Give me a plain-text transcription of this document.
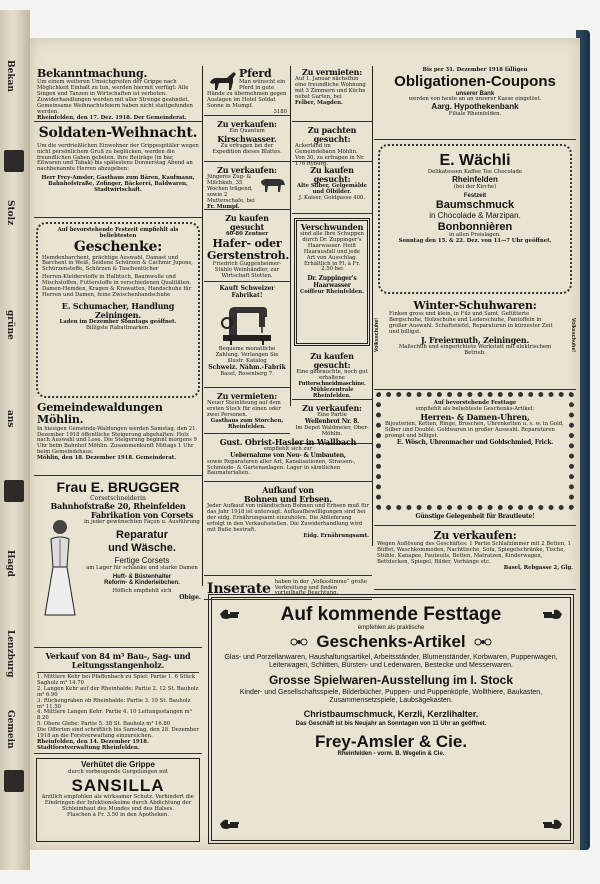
Bekan
Stolz
grüne
ans
Hagd
Lenzburg
Gemein
Bekanntmachung.
Um einem weiteren Umsichgreifen der Grippe nach Möglichkeit Einhalt zu tun, werden hiermit verfügt: Alle Singen und Tanzen in Wirtschaften ist verboten. Zuwiderhandlungen werden mit aller Strenge geahndet. Gemeinsame Weihnachtsfeiern haben nicht stattgefunden werden.
Rheinfelden, den 17. Dez. 1918. Der Gemeinderat.
Soldaten-Weihnacht.
Um die verdrießlichen Einwohner der Grippespitäler wegen nicht persönlichem Gruß zu beglücken, werden die freundlichen Gaben gebeten. Ihre Beiträge (in bar, Eßwaren und Tabak) bis spätestens Donnerstag Abend an nachbenannte Herren abzugeben:
Herr Frey-Amsler, Gasthaus zum Bären, Kaufmann, Bahnhofstraße, Zofinger, Bäckerei, Baldwaren, Stadtwirtschaft.
Auf bevorstehende Festzeit empfiehlt als beliebtesten
Geschenke:
Hemdenbarchent, prächtige Auswahl, Damast und Barchent in Weiß, Seidene Schürzen & Cachmir Jupons, Schürzenstoffe, Schürzen & Taschentücher
Herren-Kleiderstoffe in Halbtuch, Baumwolle und Mischstoffen, Futterstoffe in verschiedenen Qualitäten, Damen-Hemden, Kragen & Krawatten, Handschuhe für Herren und Damen, feine Zwischenhandschuhe
E. Schumacher, Handlung Zeiningen.
Laden im Dezember Sonntags geöffnet.
Billigste Rabattmarken.
Gemeindewaldungen Möhlin.
In hiesigen Gemeinde-Waldungen werden Samstag, den 21. Dezember 1918 öffentliche Steigerung abgehalten: Holz nach Auswahl und Lose. Die Steigerung beginnt morgens 9 Uhr beim Bahnhof Möhlin. Zusammenkunft Mittags 1 Uhr beim Gemeindehaus.
Möhlin, den 18. Dezember 1918. Gemeinderat.
Frau E. BRUGGER
Corsetschneiderin
Bahnhofstraße 20, Rheinfelden
Fabrikation von Corsets
in jeder gewünschten Façon u. Ausführung
Reparatur
und Wäsche.
Fertige Corsets
am Lager für schlanke und starke Damen
Huft- & Büstenhalter
Reform- & Kinderleibchen.
Höflich empfiehlt sich
Obige.
Verkauf von 84 m³ Bau-, Sag- und Leitungsstangenholz.
1. Mittlere Kehr bei Pfaffenbach zu Spiel: Partie 1. 6 Stück Sagholz m³ 14.70
2. Langen Kehr auf der Rheinhalde: Partie 2. 12 St. Bauholz m³ 6.90
3. Rüchengraben ob Rheinhalde: Partie 3. 19 St. Bauholz m³ 11.50
4. Mittlere Langen Kehr: Partie 4. 10 Leitungsstangen m³ 8.20
5. Obere Glebe: Partie 5. 38 St. Bauholz m³ 16.80
Die Offerten sind schriftlich bis Samstag, den 28. Dezember 1918 an die Forstverwaltung einzureichen.
Rheinfelden, den 14. Dezember 1918. Stadtforstverwaltung Rheinfelden.
Verhütet die Grippe
durch vorbeugende Gurgelungen mit
SANSILLA
ärztlich empfohlen als wirksamer Schutz. Verhindert die Eindringen der Infektionskeime durch Abdichtung der Schleimhaut des Mundes und des Halses.
Flaschen à Fr. 3.50 in den Apotheken.
Pferd
Man wünscht ein Pferd in gute Hände zu übernehmen gegen Auslagen im Hotel Soldat Sonne in Mumpf.
3180
Zu verkaufen:
Ein Quantum
Kirschwasser.
Zu erfragen bei der Expedition dieses Blattes.
Zu verkaufen:
Jüngeres Zug- & Milchkuh, 35 Wochen trägend, sowie 2 Mutterschafe, bei
Fr. Mumpf.
Zu kaufen gesucht
60-80 Zentner
Hafer- oder
Gerstenstroh.
Friedrich Guggenheimer-Stähle Weinhändler, zur Wirtschaft Stetten.
Kauft Schweizer Fabrikat!
Bequeme monatliche Zahlung. Verlangen Sie illustr. Katalog
Schweiz. Nähm.-Fabrik
Basel, Rosenberg 7.
Zu vermieten:
Neuer Steinlösung auf dem ersten Stock für einen oder zwei Personen.
Gasthaus zum Storchen, Rheinfelden.
Zu vermieten:
Auf 1. Januar nächsthin eine freundliche Wohnung mit 3 Zimmern und Küche nebst Garten, bei
Felber, Magden.
Zu pachten gesucht:
Ackerland im Gemeindebann Möhlin. Von 30, zu erfragen in Nr. 176 Ryburg.
Zu kaufen gesucht:
Alte Silber, Gelgemälde und Ölbilder.
J. Kaiser, Goldgasse 400.
Verschwunden
sind alle Ihre Schuppen durch Dr. Zuppinger's Haarwasser. Heilt Haarausfall und jede Art von Ausschlag. Erhältlich in Fl. à Fr. 2.50 bei
Dr. Zuppinger's Haarwasser
Coiffeur Rheinfelden.
Zu kaufen gesucht:
Eine gebrauchte, noch gut erhaltene
Futterschneidmaschine.
Mühlezentrale Rheinfelden.
Zu verkaufen:
Eine Partie
Wellenbrot Nr. 8.
Im Depot Waldmeier, Ober-Möhlin.
Bis per 31. Dezember 1918 fälligen
Obligationen-Coupons
unserer Bank
werden von heute an an unserer Kasse eingelöst.
Aarg. Hypothekenbank
Filiale Rheinfelden.
E. Wächli
Delikatessen Kaffee Tee Chocolade
Rheinfelden
(bei der Kirche)
Festzeit
Baumschmuck
in Chocolade & Marzipan.
Bonbonnièren
in allen Preislagen.
Sonntag den 15. & 22. Dez. von 11—7 Uhr geöffnet.
Volksschuhe!	Volksschuhe!
Winter-Schuhwaren:
Finken gross und klein, in Filz und Samt, Gefütterte Bergschuhe, Holzschuhe und Lederschuhe, Pantoffeln in großer Auswahl. Schaftstiefel, Reparaturen in kürzester Zeit und billigst.
J. Freiermuth, Zeiningen.
Maßschuh und eingerichtete Werkstatt mit elektrischem Betrieb.
Auf bevorstehende Festtage
empfiehlt als beliebteste Geschenks-Artikel:
Herren- & Damen-Uhren,
Bijouterien, Ketten, Ringe, Broschen, Uhrenketten u. s. w. in Gold, Silber und Doublé. Goldwaren in großer Auswahl. Reparaturen prompt und billigst.
E. Wösch, Uhrenmacher und Goldschmied, Frick.
Günstige Gelegenheit für Brautleute!
Zu verkaufen:
Wegen Auflösung des Geschäftes: 1 Partie Schlafzimmer mit 2 Betten, 1 Büffet, Waschkommoden, Nachttische, Sofa, Spiegelschränke, Tische, Stühle, Kanapee, Fauteuils, Betten, Matratzen, Kinderwagen, Bettdecken, Spiegel, Bilder, Vorhänge etc.
Basel, Rebgasse 2, Glg.
Gust. Obrist-Hasler in Wallbach
empfiehlt sich zur
Uebernahme von Neu- & Umbauten,
sowie Reparaturen aller Art, Kanalisationen, Strassen-, Schmiede- & Gartenanlagen. Lager in sämtlichen Baumaterialien.
Aufkauf von
Bohnen und Erbsen.
Jeder Aufkauf von inländischen Bohnen und Erbsen muß für das Jahr 1918 ist untersagt. Aufkaufbewilligungen sind bei der eidg. Ernährungsamt einzuholen. Die Ablieferung erfolgt in den Verkaufsstellen. Die Zuwiderhandlung wird mit Buße bestraft.
Eidg. Ernährungsamt.
Inserate haben in der „Volksstimme“ große Verbreitung und finden vorteilhafte Beachtung.
Auf kommende Festtage
empfehlen als praktische
Geschenks-Artikel
Glas- und Porzellanwaren, Haushaltungsartikel, Arbeitsständer, Blumenständer, Korbwaren, Puppenwagen, Leiterwagen, Schlitten, Bürsten- und Lederwaren, Bestecke und Messerwaren.
Grosse Spielwaren-Ausstellung im I. Stock
Kinder- und Gesellschaftsspiele, Bilderbücher, Puppen- und Puppenköpfe, Wollthiere, Baukasten, Zusammensetzspiele, Laubsägekasten.
Christbaumschmuck, Kerzli, Kerzlihalter.
Das Geschäft ist bis Neujahr an Sonntagen von 11 Uhr an geöffnet.
Frey-Amsler & Cie.
Rheinfelden - vorm. B. Wegelin & Cie.
